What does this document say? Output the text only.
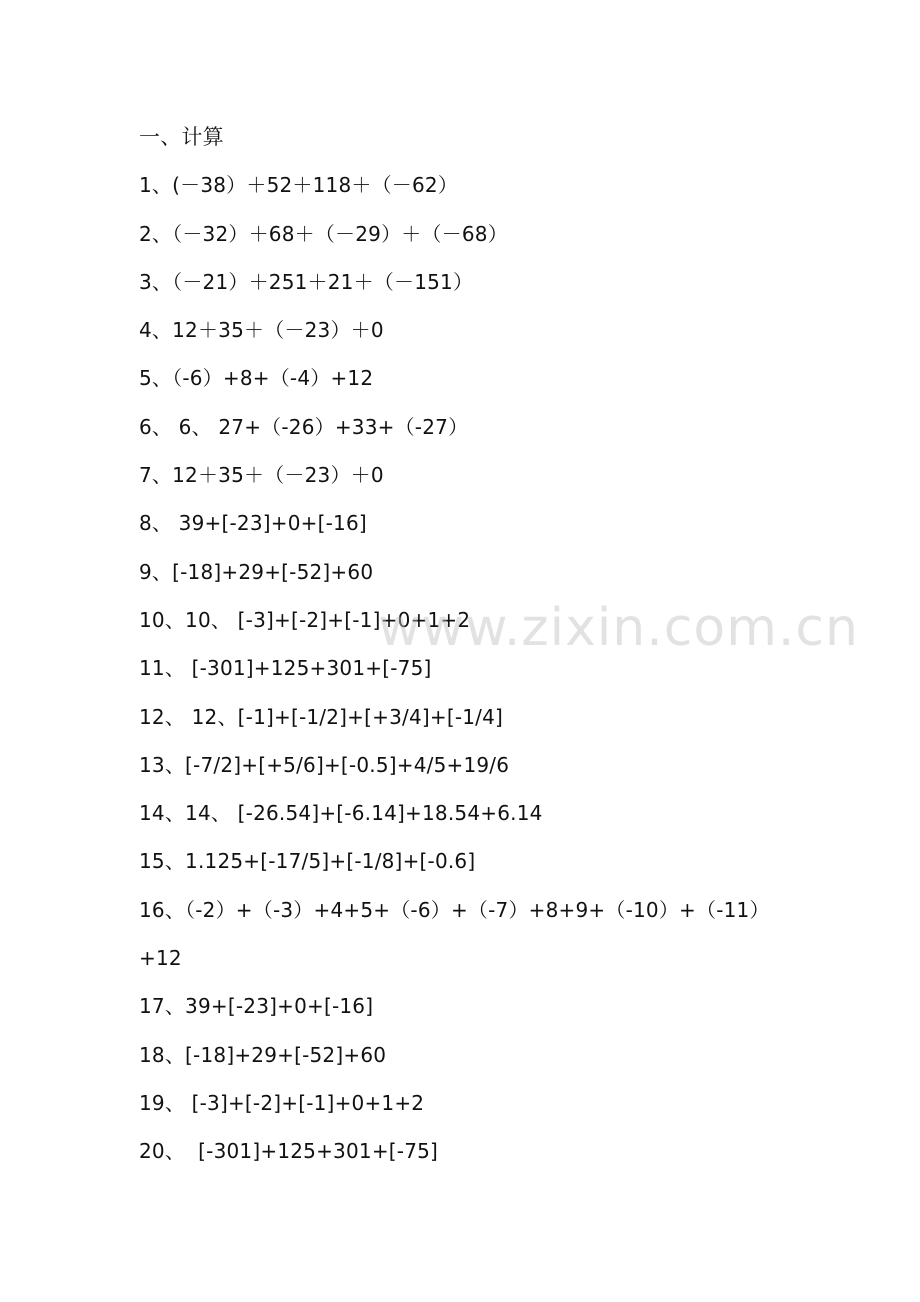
一、计算
1、(－38）＋52＋118＋（－62）
2、（－32）＋68＋（－29）＋（－68）
3、（－21）＋251＋21＋（－151）
4、12＋35＋（－23）＋0
5、（-6）+8+（-4）+12
6、 6、 27+（-26）+33+（-27）
7、12＋35＋（－23）＋0
8、 39+[-23]+0+[-16]
9、[-18]+29+[-52]+60
10、10、 [-3]+[-2]+[-1]+0+1+2
11、 [-301]+125+301+[-75]
12、 12、[-1]+[-1/2]+[+3/4]+[-1/4]
13、[-7/2]+[+5/6]+[-0.5]+4/5+19/6
14、14、 [-26.54]+[-6.14]+18.54+6.14
15、1.125+[-17/5]+[-1/8]+[-0.6]
16、（-2）+（-3）+4+5+（-6）+（-7）+8+9+（-10）+（-11）
+12
17、39+[-23]+0+[-16]
18、[-18]+29+[-52]+60
19、 [-3]+[-2]+[-1]+0+1+2
20、  [-301]+125+301+[-75]
www.zixin.com.cn
